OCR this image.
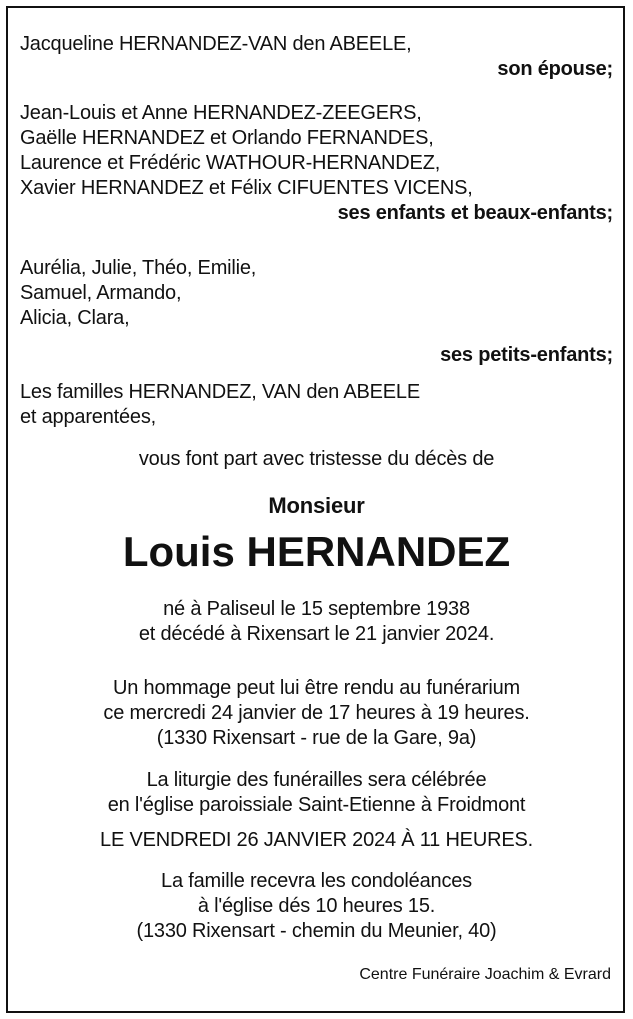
Jacqueline HERNANDEZ-VAN den ABEELE,
son épouse;
Jean-Louis et Anne HERNANDEZ-ZEEGERS,
Gaëlle HERNANDEZ et Orlando FERNANDES,
Laurence et Frédéric WATHOUR-HERNANDEZ,
Xavier HERNANDEZ et Félix CIFUENTES VICENS,
ses enfants et beaux-enfants;
Aurélia, Julie, Théo, Emilie,
Samuel, Armando,
Alicia, Clara,
ses petits-enfants;
Les familles HERNANDEZ, VAN den ABEELE
et apparentées,
vous font part avec tristesse du décès de
Monsieur
Louis HERNANDEZ
né à Paliseul le 15 septembre 1938
et décédé à Rixensart le 21 janvier 2024.
Un hommage peut lui être rendu au funérarium
ce mercredi 24 janvier de 17 heures à 19 heures.
(1330 Rixensart - rue de la Gare, 9a)
La liturgie des funérailles sera célébrée
en l'église paroissiale Saint-Etienne à Froidmont
LE VENDREDI 26 JANVIER 2024 À 11 HEURES.
La famille recevra les condoléances
à l'église dés 10 heures 15.
(1330 Rixensart - chemin du Meunier, 40)
Centre Funéraire Joachim & Evrard
